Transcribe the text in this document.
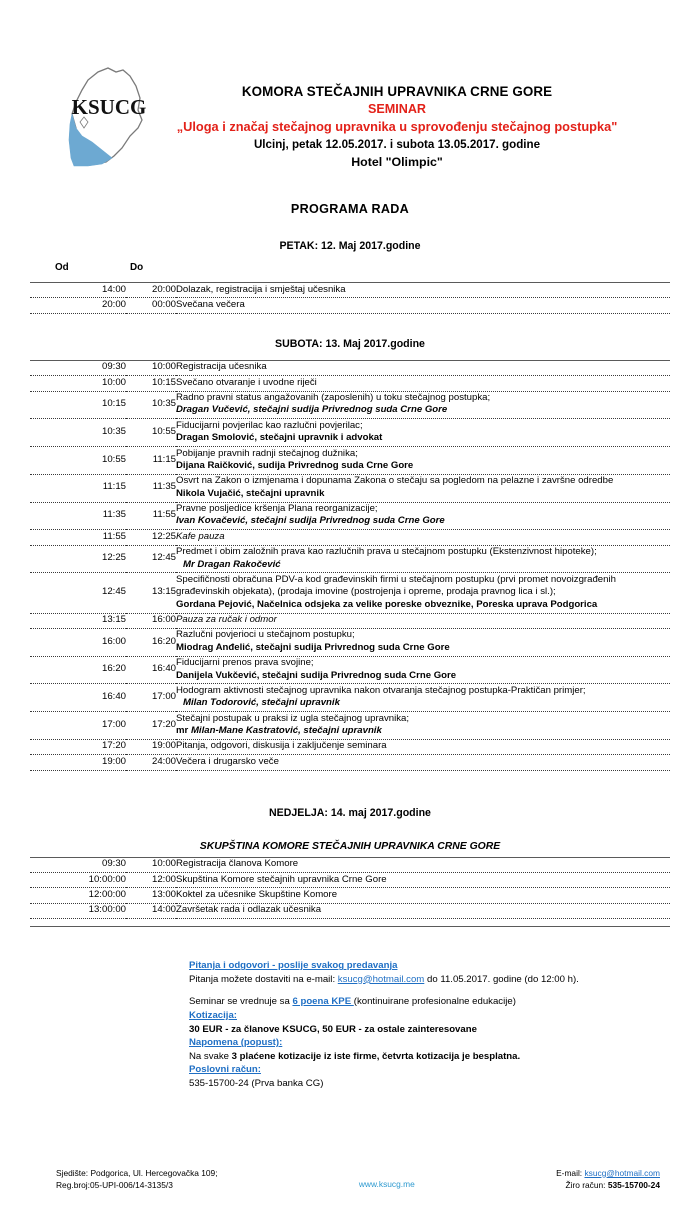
KSUCG
KOMORA STEČAJNIH UPRAVNIKA CRNE GORE
SEMINAR
„Uloga i značaj stečajnog upravnika u sprovođenju stečajnog postupka"
Ulcinj, petak 12.05.2017. i subota 13.05.2017. godine
Hotel "Olimpic"
PROGRAMA RADA
PETAK: 12. Maj 2017.godine
Od	Do	
14:00	20:00	Dolazak, registracija i smještaj učesnika

20:00	00:00	Svečana večera
SUBOTA: 13. Maj 2017.godine
09:30	10:00	Registracija učesnika

10:00	10:15	Svečano otvaranje i uvodne riječi

10:15	10:35	Radno pravni status angažovanih (zaposlenih) u toku stečajnog postupka;
Dragan Vučević, stečajni sudija Privrednog suda Crne Gore

10:35	10:55	Fiducijarni povjerilac kao razlučni povjerilac;
Dragan Smolović, stečajni upravnik i advokat

10:55	11:15	Pobijanje pravnih radnji stečajnog dužnika;
Dijana Raičković, sudija Privrednog suda Crne Gore

11:15	11:35	Osvrt na Zakon o izmjenama i dopunama Zakona o stečaju sa pogledom na pelazne i završne odredbe
Nikola Vujačić, stečajni upravnik

11:35	11:55	Pravne posljedice kršenja Plana reorganizacije;
Ivan Kovačević, stečajni sudija Privrednog suda Crne Gore

11:55	12:25	Kafe pauza

12:25	12:45	Predmet i obim založnih prava kao razlučnih prava u stečajnom postupku (Ekstenzivnost hipoteke);
Mr Dragan Rakočević

12:45	13:15	Specifičnosti obračuna PDV-a kod građevinskih firmi u stečajnom postupku (prvi promet novoizgrađenih građevinskih objekata), (prodaja imovine (postrojenja i opreme, prodaja pravnog lica i sl.);
Gordana Pejović, Načelnica odsjeka za velike poreske obveznike, Poreska uprava Podgorica

13:15	16:00	Pauza za ručak i odmor

16:00	16:20	Razlučni povjerioci u stečajnom postupku;
Miodrag Anđelić, stečajni sudija Privrednog suda Crne Gore

16:20	16:40	Fiducijarni prenos prava svojine;
Danijela Vukčević, stečajni sudija Privrednog suda Crne Gore

16:40	17:00	Hodogram aktivnosti stečajnog upravnika nakon otvaranja stečajnog postupka-Praktičan primjer;
Milan Todorović, stečajni upravnik

17:00	17:20	Stečajni postupak u praksi iz ugla stečajnog upravnika;
mr Milan-Mane Kastratović, stečajni upravnik

17:20	19:00	Pitanja, odgovori, diskusija i zaključenje seminara

19:00	24:00	Večera i drugarsko veče
NEDJELJA: 14. maj 2017.godine
SKUPŠTINA KOMORE STEČAJNIH UPRAVNIKA CRNE GORE
09:30	10:00	Registracija članova Komore

10:00:00	12:00	Skupština Komore stečajnih upravnika Crne Gore

12:00:00	13:00	Koktel za učesnike Skupštine Komore

13:00:00	14:00	Završetak rada i odlazak učesnika
Pitanja i odgovori - poslije svakog predavanja
Pitanja možete dostaviti na e-mail: ksucg@hotmail.com do 11.05.2017. godine (do 12:00 h).
Seminar se vrednuje sa 6 poena KPE (kontinuirane profesionalne edukacije)
Kotizacija:
30 EUR - za članove KSUCG, 50 EUR - za ostale zainteresovane
Napomena (popust):
Na svake 3 plaćene kotizacije iz iste firme, četvrta kotizacija je besplatna.
Poslovni račun:
535-15700-24 (Prva banka CG)
Sjedište: Podgorica, Ul. Hercegovačka 109;
Reg.broj:05-UPI-006/14-3135/3	www.ksucg.me
E-mail: ksucg@hotmail.com
Žiro račun: 535-15700-24
